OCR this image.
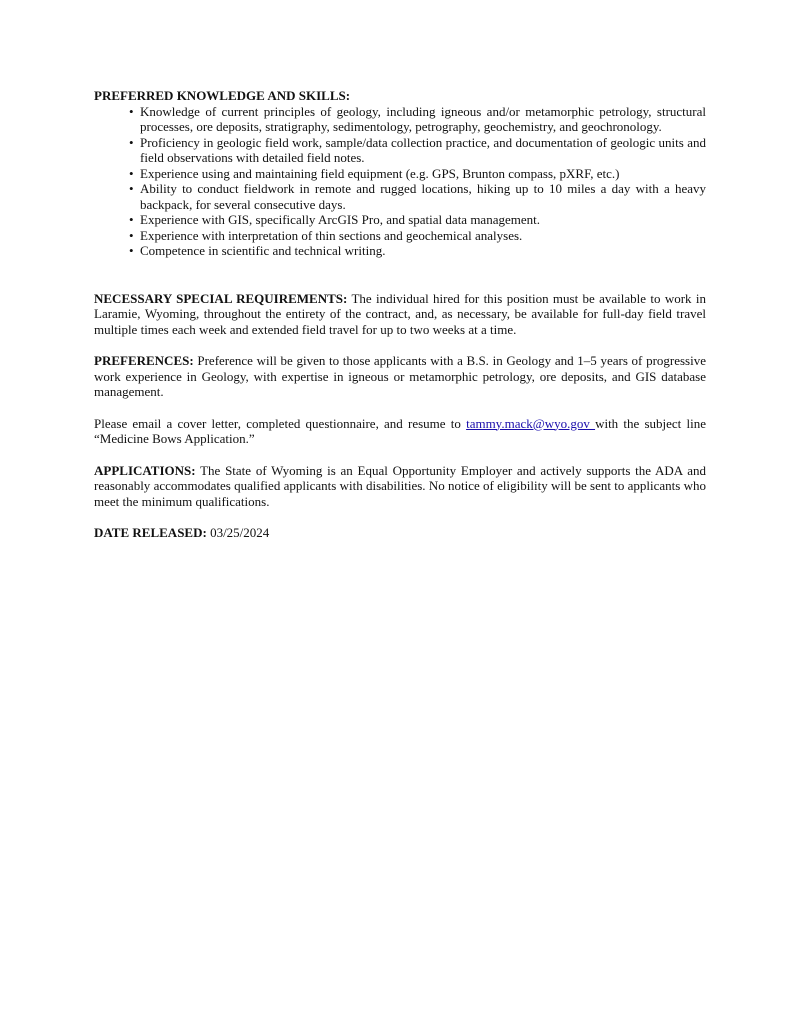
PREFERRED KNOWLEDGE AND SKILLS:

• Knowledge of current principles of geology, including igneous and/or metamorphic petrology, structural processes, ore deposits, stratigraphy, sedimentology, petrography, geochemistry, and geochronology.
• Proficiency in geologic field work, sample/data collection practice, and documentation of geologic units and field observations with detailed field notes.
• Experience using and maintaining field equipment (e.g. GPS, Brunton compass, pXRF, etc.)
• Ability to conduct fieldwork in remote and rugged locations, hiking up to 10 miles a day with a heavy backpack, for several consecutive days.
• Experience with GIS, specifically ArcGIS Pro, and spatial data management.
• Experience with interpretation of thin sections and geochemical analyses.
• Competence in scientific and technical writing.

NECESSARY SPECIAL REQUIREMENTS: The individual hired for this position must be available to work in Laramie, Wyoming, throughout the entirety of the contract, and, as necessary, be available for full-day field travel multiple times each week and extended field travel for up to two weeks at a time.

PREFERENCES: Preference will be given to those applicants with a B.S. in Geology and 1–5 years of progressive work experience in Geology, with expertise in igneous or metamorphic petrology, ore deposits, and GIS database management.

Please email a cover letter, completed questionnaire, and resume to tammy.mack@wyo.gov with the subject line “Medicine Bows Application.”

APPLICATIONS: The State of Wyoming is an Equal Opportunity Employer and actively supports the ADA and reasonably accommodates qualified applicants with disabilities. No notice of eligibility will be sent to applicants who meet the minimum qualifications.

DATE RELEASED: 03/25/2024
